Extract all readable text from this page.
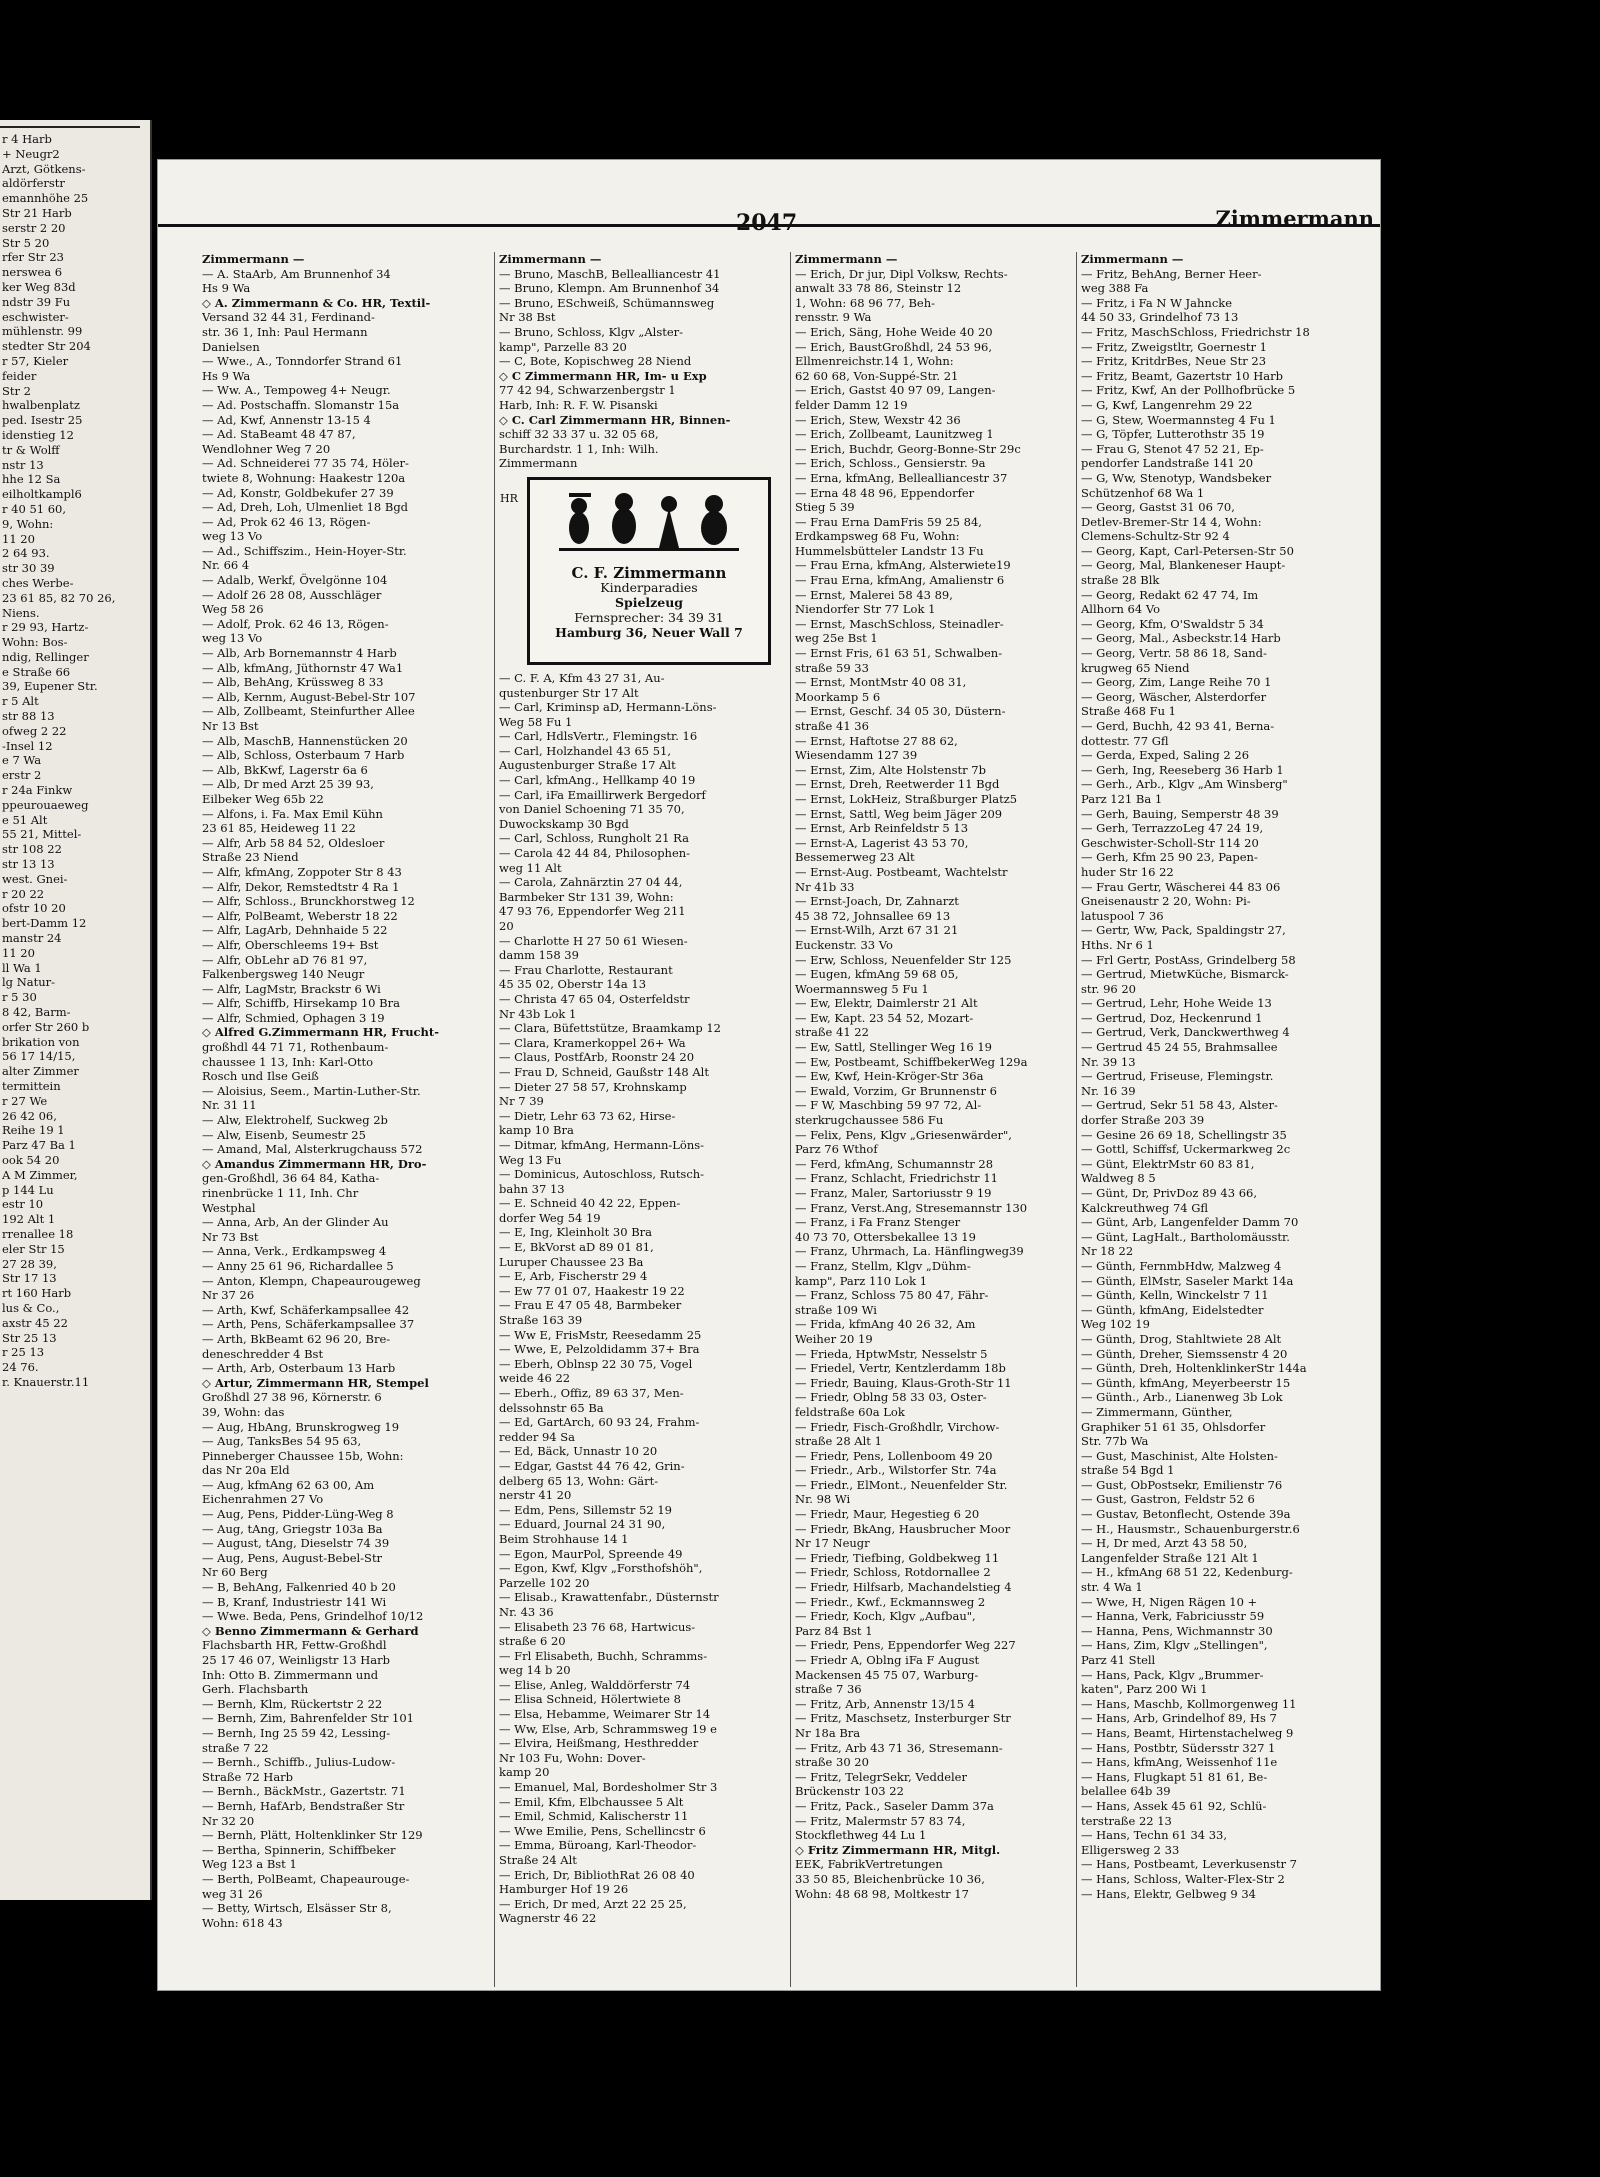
r 4 Harb
+ Neugr2
Arzt, Götkens-
aldörferstr
emannhöhe 25
Str 21 Harb
serstr 2 20
Str 5 20
rfer Str 23
nerswea 6
ker Weg 83d
ndstr 39 Fu
eschwister-
mühlenstr. 99
stedter Str 204
r 57, Kieler
feider
Str 2
hwalbenplatz
ped. Isestr 25
idenstieg 12
tr & Wolff
nstr 13
hhe 12 Sa
eilholtkampl6
r 40 51 60,
9, Wohn:
11 20
2 64 93.
str 30 39
ches Werbe-
23 61 85, 82 70 26,
Niens.
r 29 93, Hartz-
Wohn: Bos-
ndig, Rellinger
e Straße 66
39, Eupener Str.
r 5 Alt
str 88 13
ofweg 2 22
-Insel 12
e 7 Wa
erstr 2
r 24a Finkw
ppeurouaeweg
e 51 Alt
55 21, Mittel-
str 108 22
str 13 13
west. Gnei-
r 20 22
ofstr 10 20
bert-Damm 12
manstr 24
11 20
ll Wa 1
lg Natur-
r 5 30
8 42, Barm-
orfer Str 260 b
brikation von
56 17 14/15,
alter Zimmer
termittein
r 27 We
26 42 06,
Reihe 19 1
Parz 47 Ba 1
ook 54 20
A M Zimmer,
p 144 Lu
estr 10
192 Alt 1
rrenallee 18
eler Str 15
27 28 39,
Str 17 13
rt 160 Harb
lus & Co.,
axstr 45 22
Str 25 13
r 25 13
24 76.
r. Knauerstr.11
2047	Zimmermann
Zimmermann —
— A. StaArb, Am Brunnenhof 34
Hs 9 Wa
◇ A. Zimmermann & Co. HR, Textil-
Versand 32 44 31, Ferdinand-
str. 36 1, Inh: Paul Hermann
Danielsen
— Wwe., A., Tonndorfer Strand 61
Hs 9 Wa
— Ww. A., Tempoweg 4+ Neugr.
— Ad. Postschaffn. Slomanstr 15a
— Ad, Kwf, Annenstr 13-15 4
— Ad. StaBeamt 48 47 87,
Wendlohner Weg 7 20
— Ad. Schneiderei 77 35 74, Höler-
twiete 8, Wohnung: Haakestr 120a
— Ad, Konstr, Goldbekufer 27 39
— Ad, Dreh, Loh, Ulmenliet 18 Bgd
— Ad, Prok 62 46 13, Rögen-
weg 13 Vo
— Ad., Schiffszim., Hein-Hoyer-Str.
Nr. 66 4
— Adalb, Werkf, Övelgönne 104
— Adolf 26 28 08, Ausschläger
Weg 58 26
— Adolf, Prok. 62 46 13, Rögen-
weg 13 Vo
— Alb, Arb Bornemannstr 4 Harb
— Alb, kfmAng, Jüthornstr 47 Wa1
— Alb, BehAng, Krüssweg 8 33
— Alb, Kernm, August-Bebel-Str 107
— Alb, Zollbeamt, Steinfurther Allee
Nr 13 Bst
— Alb, MaschB, Hannenstücken 20
— Alb, Schloss, Osterbaum 7 Harb
— Alb, BkKwf, Lagerstr 6a 6
— Alb, Dr med Arzt 25 39 93,
Eilbeker Weg 65b 22
— Alfons, i. Fa. Max Emil Kühn
23 61 85, Heideweg 11 22
— Alfr, Arb 58 84 52, Oldesloer
Straße 23 Niend
— Alfr, kfmAng, Zoppoter Str 8 43
— Alfr, Dekor, Remstedtstr 4 Ra 1
— Alfr, Schloss., Brunckhorstweg 12
— Alfr, PolBeamt, Weberstr 18 22
— Alfr, LagArb, Dehnhaide 5 22
— Alfr, Oberschleems 19+ Bst
— Alfr, ObLehr aD 76 81 97,
Falkenbergsweg 140 Neugr
— Alfr, LagMstr, Brackstr 6 Wi
— Alfr, Schiffb, Hirsekamp 10 Bra
— Alfr, Schmied, Ophagen 3 19
◇ Alfred G.Zimmermann HR, Frucht-
großhdl 44 71 71, Rothenbaum-
chaussee 1 13, Inh: Karl-Otto
Rosch und Ilse Geiß
— Aloisius, Seem., Martin-Luther-Str.
Nr. 31 11
— Alw, Elektrohelf, Suckweg 2b
— Alw, Eisenb, Seumestr 25
— Amand, Mal, Alsterkrugchauss 572
◇ Amandus Zimmermann HR, Dro-
gen-Großhdl, 36 64 84, Katha-
rinenbrücke 1 11, Inh. Chr
Westphal
— Anna, Arb, An der Glinder Au
Nr 73 Bst
— Anna, Verk., Erdkampsweg 4
— Anny 25 61 96, Richardallee 5
— Anton, Klempn, Chapeaurougeweg
Nr 37 26
— Arth, Kwf, Schäferkampsallee 42
— Arth, Pens, Schäferkampsallee 37
— Arth, BkBeamt 62 96 20, Bre-
deneschredder 4 Bst
— Arth, Arb, Osterbaum 13 Harb
◇ Artur, Zimmermann HR, Stempel
Großhdl 27 38 96, Körnerstr. 6
39, Wohn: das
— Aug, HbAng, Brunskrogweg 19
— Aug, TanksBes 54 95 63,
Pinneberger Chaussee 15b, Wohn:
das Nr 20a Eld
— Aug, kfmAng 62 63 00, Am
Eichenrahmen 27 Vo
— Aug, Pens, Pidder-Lüng-Weg 8
— Aug, tAng, Griegstr 103a Ba
— August, tAng, Dieselstr 74 39
— Aug, Pens, August-Bebel-Str
Nr 60 Berg
— B, BehAng, Falkenried 40 b 20
— B, Kranf, Industriestr 141 Wi
— Wwe. Beda, Pens, Grindelhof 10/12
◇ Benno Zimmermann & Gerhard
Flachsbarth HR, Fettw-Großhdl
25 17 46 07, Weinligstr 13 Harb
Inh: Otto B. Zimmermann und
Gerh. Flachsbarth
— Bernh, Klm, Rückertstr 2 22
— Bernh, Zim, Bahrenfelder Str 101
— Bernh, Ing 25 59 42, Lessing-
straße 7 22
— Bernh., Schiffb., Julius-Ludow-
Straße 72 Harb
— Bernh., BäckMstr., Gazertstr. 71
— Bernh, HafArb, Bendstraßer Str
Nr 32 20
— Bernh, Plätt, Holtenklinker Str 129
— Bertha, Spinnerin, Schiffbeker
Weg 123 a Bst 1
— Berth, PolBeamt, Chapeaurouge-
weg 31 26
— Betty, Wirtsch, Elsässer Str 8,
Wohn: 618 43
Zimmermann —
— Bruno, MaschB, Bellealliancestr 41
— Bruno, Klempn. Am Brunnenhof 34
— Bruno, ESchweiß, Schümannsweg
Nr 38 Bst
— Bruno, Schloss, Klgv „Alster-
kamp", Parzelle 83 20
— C, Bote, Kopischweg 28 Niend
◇ C Zimmermann HR, Im- u Exp
77 42 94, Schwarzenbergstr 1
Harb, Inh: R. F. W. Pisanski
◇ C. Carl Zimmermann HR, Binnen-
schiff 32 33 37 u. 32 05 68,
Burchardstr. 1 1, Inh: Wilh.
Zimmermann
HR
C. F. Zimmermann
Kinderparadies
Spielzeug
Fernsprecher: 34 39 31
Hamburg 36, Neuer Wall 7
— C. F. A, Kfm 43 27 31, Au-
qustenburger Str 17 Alt
— Carl, Kriminsp aD, Hermann-Löns-
Weg 58 Fu 1
— Carl, HdlsVertr., Flemingstr. 16
— Carl, Holzhandel 43 65 51,
Augustenburger Straße 17 Alt
— Carl, kfmAng., Hellkamp 40 19
— Carl, iFa Emaillirwerk Bergedorf
von Daniel Schoening 71 35 70,
Duwockskamp 30 Bgd
— Carl, Schloss, Rungholt 21 Ra
— Carola 42 44 84, Philosophen-
weg 11 Alt
— Carola, Zahnärztin 27 04 44,
Barmbeker Str 131 39, Wohn:
47 93 76, Eppendorfer Weg 211
20
— Charlotte H 27 50 61 Wiesen-
damm 158 39
— Frau Charlotte, Restaurant
45 35 02, Oberstr 14a 13
— Christa 47 65 04, Osterfeldstr
Nr 43b Lok 1
— Clara, Büfettstütze, Braamkamp 12
— Clara, Kramerkoppel 26+ Wa
— Claus, PostfArb, Roonstr 24 20
— Frau D, Schneid, Gaußstr 148 Alt
— Dieter 27 58 57, Krohnskamp
Nr 7 39
— Dietr, Lehr 63 73 62, Hirse-
kamp 10 Bra
— Ditmar, kfmAng, Hermann-Löns-
Weg 13 Fu
— Dominicus, Autoschloss, Rutsch-
bahn 37 13
— E. Schneid 40 42 22, Eppen-
dorfer Weg 54 19
— E, Ing, Kleinholt 30 Bra
— E, BkVorst aD 89 01 81,
Luruper Chaussee 23 Ba
— E, Arb, Fischerstr 29 4
— Ew 77 01 07, Haakestr 19 22
— Frau E 47 05 48, Barmbeker
Straße 163 39
— Ww E, FrisMstr, Reesedamm 25
— Wwe, E, Pelzoldidamm 37+ Bra
— Eberh, Oblnsp 22 30 75, Vogel
weide 46 22
— Eberh., Offiz, 89 63 37, Men-
delssohnstr 65 Ba
— Ed, GartArch, 60 93 24, Frahm-
redder 94 Sa
— Ed, Bäck, Unnastr 10 20
— Edgar, Gastst 44 76 42, Grin-
delberg 65 13, Wohn: Gärt-
nerstr 41 20
— Edm, Pens, Sillemstr 52 19
— Eduard, Journal 24 31 90,
Beim Strohhause 14 1
— Egon, MaurPol, Spreende 49
— Egon, Kwf, Klgv „Forsthofshöh",
Parzelle 102 20
— Elisab., Krawattenfabr., Düsternstr
Nr. 43 36
— Elisabeth 23 76 68, Hartwicus-
straße 6 20
— Frl Elisabeth, Buchh, Schramms-
weg 14 b 20
— Elise, Anleg, Walddörferstr 74
— Elisa Schneid, Hölertwiete 8
— Elsa, Hebamme, Weimarer Str 14
— Ww, Else, Arb, Schrammsweg 19 e
— Elvira, Heißmang, Hesthredder
Nr 103 Fu, Wohn: Dover-
kamp 20
— Emanuel, Mal, Bordesholmer Str 3
— Emil, Kfm, Elbchaussee 5 Alt
— Emil, Schmid, Kalischerstr 11
— Wwe Emilie, Pens, Schellincstr 6
— Emma, Büroang, Karl-Theodor-
Straße 24 Alt
— Erich, Dr, BibliothRat 26 08 40
Hamburger Hof 19 26
— Erich, Dr med, Arzt 22 25 25,
Wagnerstr 46 22
Zimmermann —
— Erich, Dr jur, Dipl Volksw, Rechts-
anwalt 33 78 86, Steinstr 12
1, Wohn: 68 96 77, Beh-
rensstr. 9 Wa
— Erich, Säng, Hohe Weide 40 20
— Erich, BaustGroßhdl, 24 53 96,
Ellmenreichstr.14 1, Wohn:
62 60 68, Von-Suppé-Str. 21
— Erich, Gastst 40 97 09, Langen-
felder Damm 12 19
— Erich, Stew, Wexstr 42 36
— Erich, Zollbeamt, Launitzweg 1
— Erich, Buchdr, Georg-Bonne-Str 29c
— Erich, Schloss., Gensierstr. 9a
— Erna, kfmAng, Bellealliancestr 37
— Erna 48 48 96, Eppendorfer
Stieg 5 39
— Frau Erna DamFris 59 25 84,
Erdkampsweg 68 Fu, Wohn:
Hummelsbütteler Landstr 13 Fu
— Frau Erna, kfmAng, Alsterwiete19
— Frau Erna, kfmAng, Amalienstr 6
— Ernst, Malerei 58 43 89,
Niendorfer Str 77 Lok 1
— Ernst, MaschSchloss, Steinadler-
weg 25e Bst 1
— Ernst Fris, 61 63 51, Schwalben-
straße 59 33
— Ernst, MontMstr 40 08 31,
Moorkamp 5 6
— Ernst, Geschf. 34 05 30, Düstern-
straße 41 36
— Ernst, Haftotse 27 88 62,
Wiesendamm 127 39
— Ernst, Zim, Alte Holstenstr 7b
— Ernst, Dreh, Reetwerder 11 Bgd
— Ernst, LokHeiz, Straßburger Platz5
— Ernst, Sattl, Weg beim Jäger 209
— Ernst, Arb Reinfeldstr 5 13
— Ernst-A, Lagerist 43 53 70,
Bessemerweg 23 Alt
— Ernst-Aug. Postbeamt, Wachtelstr
Nr 41b 33
— Ernst-Joach, Dr, Zahnarzt
45 38 72, Johnsallee 69 13
— Ernst-Wilh, Arzt 67 31 21
Euckenstr. 33 Vo
— Erw, Schloss, Neuenfelder Str 125
— Eugen, kfmAng 59 68 05,
Woermannsweg 5 Fu 1
— Ew, Elektr, Daimlerstr 21 Alt
— Ew, Kapt. 23 54 52, Mozart-
straße 41 22
— Ew, Sattl, Stellinger Weg 16 19
— Ew, Postbeamt, SchiffbekerWeg 129a
— Ew, Kwf, Hein-Kröger-Str 36a
— Ewald, Vorzim, Gr Brunnenstr 6
— F W, Maschbing 59 97 72, Al-
sterkrugchaussee 586 Fu
— Felix, Pens, Klgv „Griesenwärder",
Parz 76 Wthof
— Ferd, kfmAng, Schumannstr 28
— Franz, Schlacht, Friedrichstr 11
— Franz, Maler, Sartoriusstr 9 19
— Franz, Verst.Ang, Stresemannstr 130
— Franz, i Fa Franz Stenger
40 73 70, Ottersbekallee 13 19
— Franz, Uhrmach, La. Hänflingweg39
— Franz, Stellm, Klgv „Dühm-
kamp", Parz 110 Lok 1
— Franz, Schloss 75 80 47, Fähr-
straße 109 Wi
— Frida, kfmAng 40 26 32, Am
Weiher 20 19
— Frieda, HptwMstr, Nesselstr 5
— Friedel, Vertr, Kentzlerdamm 18b
— Friedr, Bauing, Klaus-Groth-Str 11
— Friedr, Oblng 58 33 03, Oster-
feldstraße 60a Lok
— Friedr, Fisch-Großhdlr, Virchow-
straße 28 Alt 1
— Friedr, Pens, Lollenboom 49 20
— Friedr., Arb., Wilstorfer Str. 74a
— Friedr., ElMont., Neuenfelder Str.
Nr. 98 Wi
— Friedr, Maur, Hegestieg 6 20
— Friedr, BkAng, Hausbrucher Moor
Nr 17 Neugr
— Friedr, Tiefbing, Goldbekweg 11
— Friedr, Schloss, Rotdornallee 2
— Friedr, Hilfsarb, Machandelstieg 4
— Friedr., Kwf., Eckmannsweg 2
— Friedr, Koch, Klgv „Aufbau",
Parz 84 Bst 1
— Friedr, Pens, Eppendorfer Weg 227
— Friedr A, Oblng iFa F August
Mackensen 45 75 07, Warburg-
straße 7 36
— Fritz, Arb, Annenstr 13/15 4
— Fritz, Maschsetz, Insterburger Str
Nr 18a Bra
— Fritz, Arb 43 71 36, Stresemann-
straße 30 20
— Fritz, TelegrSekr, Veddeler
Brückenstr 103 22
— Fritz, Pack., Saseler Damm 37a
— Fritz, Malermstr 57 83 74,
Stockflethweg 44 Lu 1
◇ Fritz Zimmermann HR, Mitgl.
EEK, FabrikVertretungen
33 50 85, Bleichenbrücke 10 36,
Wohn: 48 68 98, Moltkestr 17
Zimmermann —
— Fritz, BehAng, Berner Heer-
weg 388 Fa
— Fritz, i Fa N W Jahncke
44 50 33, Grindelhof 73 13
— Fritz, MaschSchloss, Friedrichstr 18
— Fritz, Zweigstltr, Goernestr 1
— Fritz, KritdrBes, Neue Str 23
— Fritz, Beamt, Gazertstr 10 Harb
— Fritz, Kwf, An der Pollhofbrücke 5
— G, Kwf, Langenrehm 29 22
— G, Stew, Woermannsteg 4 Fu 1
— G, Töpfer, Lutterothstr 35 19
— Frau G, Stenot 47 52 21, Ep-
pendorfer Landstraße 141 20
— G, Ww, Stenotyp, Wandsbeker
Schützenhof 68 Wa 1
— Georg, Gastst 31 06 70,
Detlev-Bremer-Str 14 4, Wohn:
Clemens-Schultz-Str 92 4
— Georg, Kapt, Carl-Petersen-Str 50
— Georg, Mal, Blankeneser Haupt-
straße 28 Blk
— Georg, Redakt 62 47 74, Im
Allhorn 64 Vo
— Georg, Kfm, O'Swaldstr 5 34
— Georg, Mal., Asbeckstr.14 Harb
— Georg, Vertr. 58 86 18, Sand-
krugweg 65 Niend
— Georg, Zim, Lange Reihe 70 1
— Georg, Wäscher, Alsterdorfer
Straße 468 Fu 1
— Gerd, Buchh, 42 93 41, Berna-
dottestr. 77 Gfl
— Gerda, Exped, Saling 2 26
— Gerh, Ing, Reeseberg 36 Harb 1
— Gerh., Arb., Klgv „Am Winsberg"
Parz 121 Ba 1
— Gerh, Bauing, Semperstr 48 39
— Gerh, TerrazzoLeg 47 24 19,
Geschwister-Scholl-Str 114 20
— Gerh, Kfm 25 90 23, Papen-
huder Str 16 22
— Frau Gertr, Wäscherei 44 83 06
Gneisenaustr 2 20, Wohn: Pi-
latuspool 7 36
— Gertr, Ww, Pack, Spaldingstr 27,
Hths. Nr 6 1
— Frl Gertr, PostAss, Grindelberg 58
— Gertrud, MietwKüche, Bismarck-
str. 96 20
— Gertrud, Lehr, Hohe Weide 13
— Gertrud, Doz, Heckenrund 1
— Gertrud, Verk, Danckwerthweg 4
— Gertrud 45 24 55, Brahmsallee
Nr. 39 13
— Gertrud, Friseuse, Flemingstr.
Nr. 16 39
— Gertrud, Sekr 51 58 43, Alster-
dorfer Straße 203 39
— Gesine 26 69 18, Schellingstr 35
— Gottl, Schiffsf, Uckermarkweg 2c
— Günt, ElektrMstr 60 83 81,
Waldweg 8 5
— Günt, Dr, PrivDoz 89 43 66,
Kalckreuthweg 74 Gfl
— Günt, Arb, Langenfelder Damm 70
— Günt, LagHalt., Bartholomäusstr.
Nr 18 22
— Günth, FernmbHdw, Malzweg 4
— Günth, ElMstr, Saseler Markt 14a
— Günth, Kelln, Winckelstr 7 11
— Günth, kfmAng, Eidelstedter
Weg 102 19
— Günth, Drog, Stahltwiete 28 Alt
— Günth, Dreher, Siemssenstr 4 20
— Günth, Dreh, HoltenklinkerStr 144a
— Günth, kfmAng, Meyerbeerstr 15
— Günth., Arb., Lianenweg 3b Lok
— Zimmermann, Günther,
Graphiker 51 61 35, Ohlsdorfer
Str. 77b Wa
— Gust, Maschinist, Alte Holsten-
straße 54 Bgd 1
— Gust, ObPostsekr, Emilienstr 76
— Gust, Gastron, Feldstr 52 6
— Gustav, Betonflecht, Ostende 39a
— H., Hausmstr., Schauenburgerstr.6
— H, Dr med, Arzt 43 58 50,
Langenfelder Straße 121 Alt 1
— H., kfmAng 68 51 22, Kedenburg-
str. 4 Wa 1
— Wwe, H, Nigen Rägen 10 +
— Hanna, Verk, Fabriciusstr 59
— Hanna, Pens, Wichmannstr 30
— Hans, Zim, Klgv „Stellingen",
Parz 41 Stell
— Hans, Pack, Klgv „Brummer-
katen", Parz 200 Wi 1
— Hans, Maschb, Kollmorgenweg 11
— Hans, Arb, Grindelhof 89, Hs 7
— Hans, Beamt, Hirtenstachelweg 9
— Hans, Postbtr, Südersstr 327 1
— Hans, kfmAng, Weissenhof 11e
— Hans, Flugkapt 51 81 61, Be-
belallee 64b 39
— Hans, Assek 45 61 92, Schlü-
terstraße 22 13
— Hans, Techn 61 34 33,
Elligersweg 2 33
— Hans, Postbeamt, Leverkusenstr 7
— Hans, Schloss, Walter-Flex-Str 2
— Hans, Elektr, Gelbweg 9 34
